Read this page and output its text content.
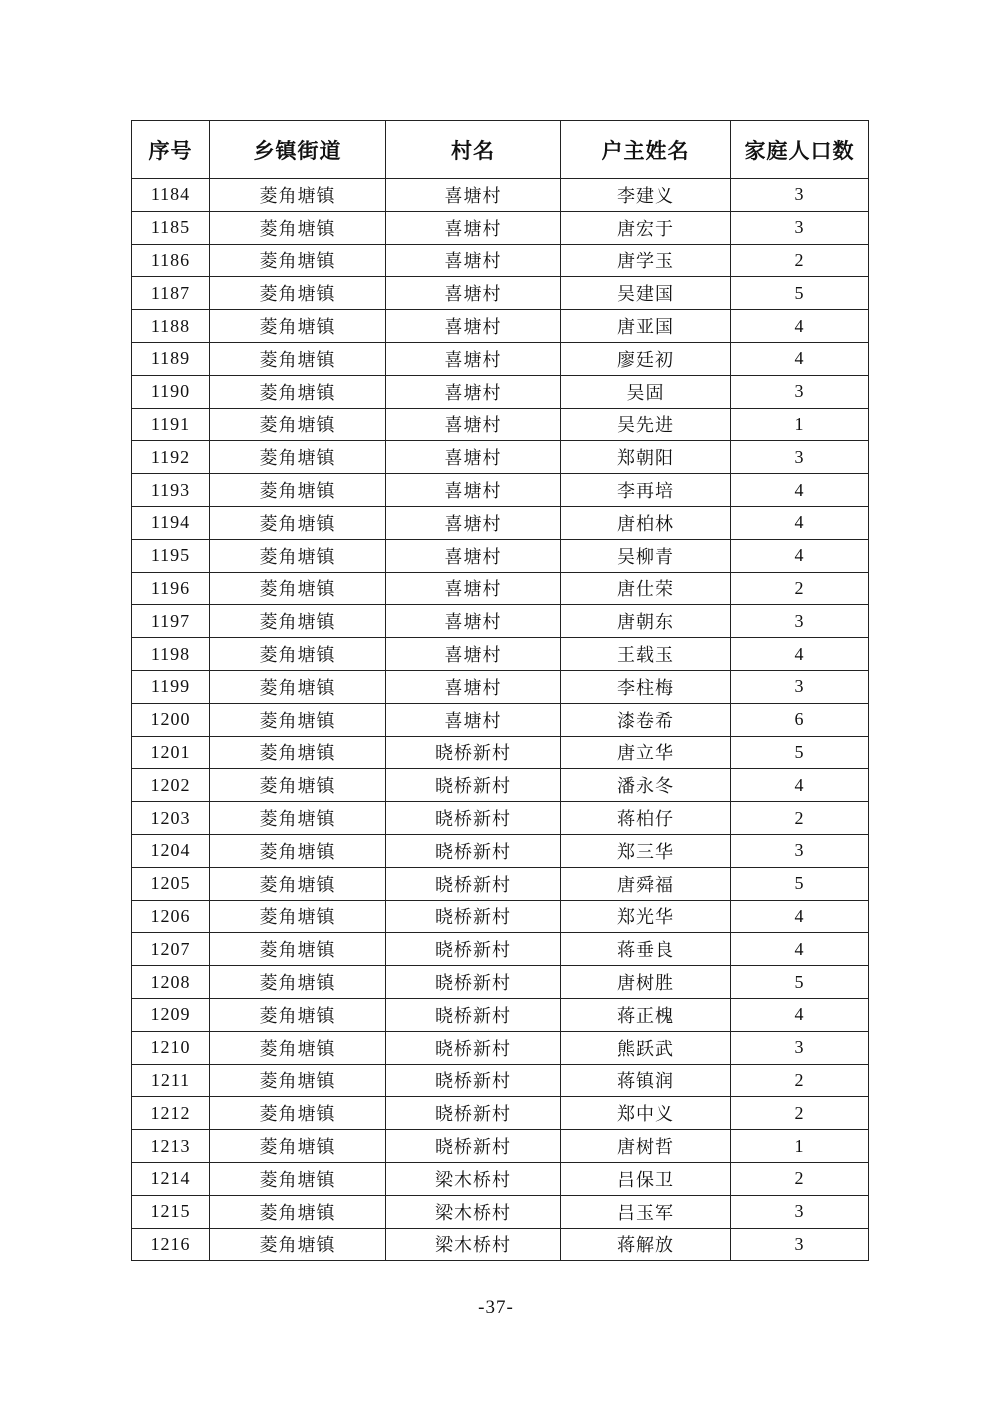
序号	乡镇街道	村名	户主姓名	家庭人口数
1184	菱角塘镇	喜塘村	李建义	3
1185	菱角塘镇	喜塘村	唐宏于	3
1186	菱角塘镇	喜塘村	唐学玉	2
1187	菱角塘镇	喜塘村	吴建国	5
1188	菱角塘镇	喜塘村	唐亚国	4
1189	菱角塘镇	喜塘村	廖廷初	4
1190	菱角塘镇	喜塘村	吴固	3
1191	菱角塘镇	喜塘村	吴先进	1
1192	菱角塘镇	喜塘村	郑朝阳	3
1193	菱角塘镇	喜塘村	李再培	4
1194	菱角塘镇	喜塘村	唐柏林	4
1195	菱角塘镇	喜塘村	吴柳青	4
1196	菱角塘镇	喜塘村	唐仕荣	2
1197	菱角塘镇	喜塘村	唐朝东	3
1198	菱角塘镇	喜塘村	王载玉	4
1199	菱角塘镇	喜塘村	李柱梅	3
1200	菱角塘镇	喜塘村	漆卷希	6
1201	菱角塘镇	晓桥新村	唐立华	5
1202	菱角塘镇	晓桥新村	潘永冬	4
1203	菱角塘镇	晓桥新村	蒋柏仔	2
1204	菱角塘镇	晓桥新村	郑三华	3
1205	菱角塘镇	晓桥新村	唐舜福	5
1206	菱角塘镇	晓桥新村	郑光华	4
1207	菱角塘镇	晓桥新村	蒋垂良	4
1208	菱角塘镇	晓桥新村	唐树胜	5
1209	菱角塘镇	晓桥新村	蒋正槐	4
1210	菱角塘镇	晓桥新村	熊跃武	3
1211	菱角塘镇	晓桥新村	蒋镇润	2
1212	菱角塘镇	晓桥新村	郑中义	2
1213	菱角塘镇	晓桥新村	唐树哲	1
1214	菱角塘镇	梁木桥村	吕保卫	2
1215	菱角塘镇	梁木桥村	吕玉军	3
1216	菱角塘镇	梁木桥村	蒋解放	3
-37-
